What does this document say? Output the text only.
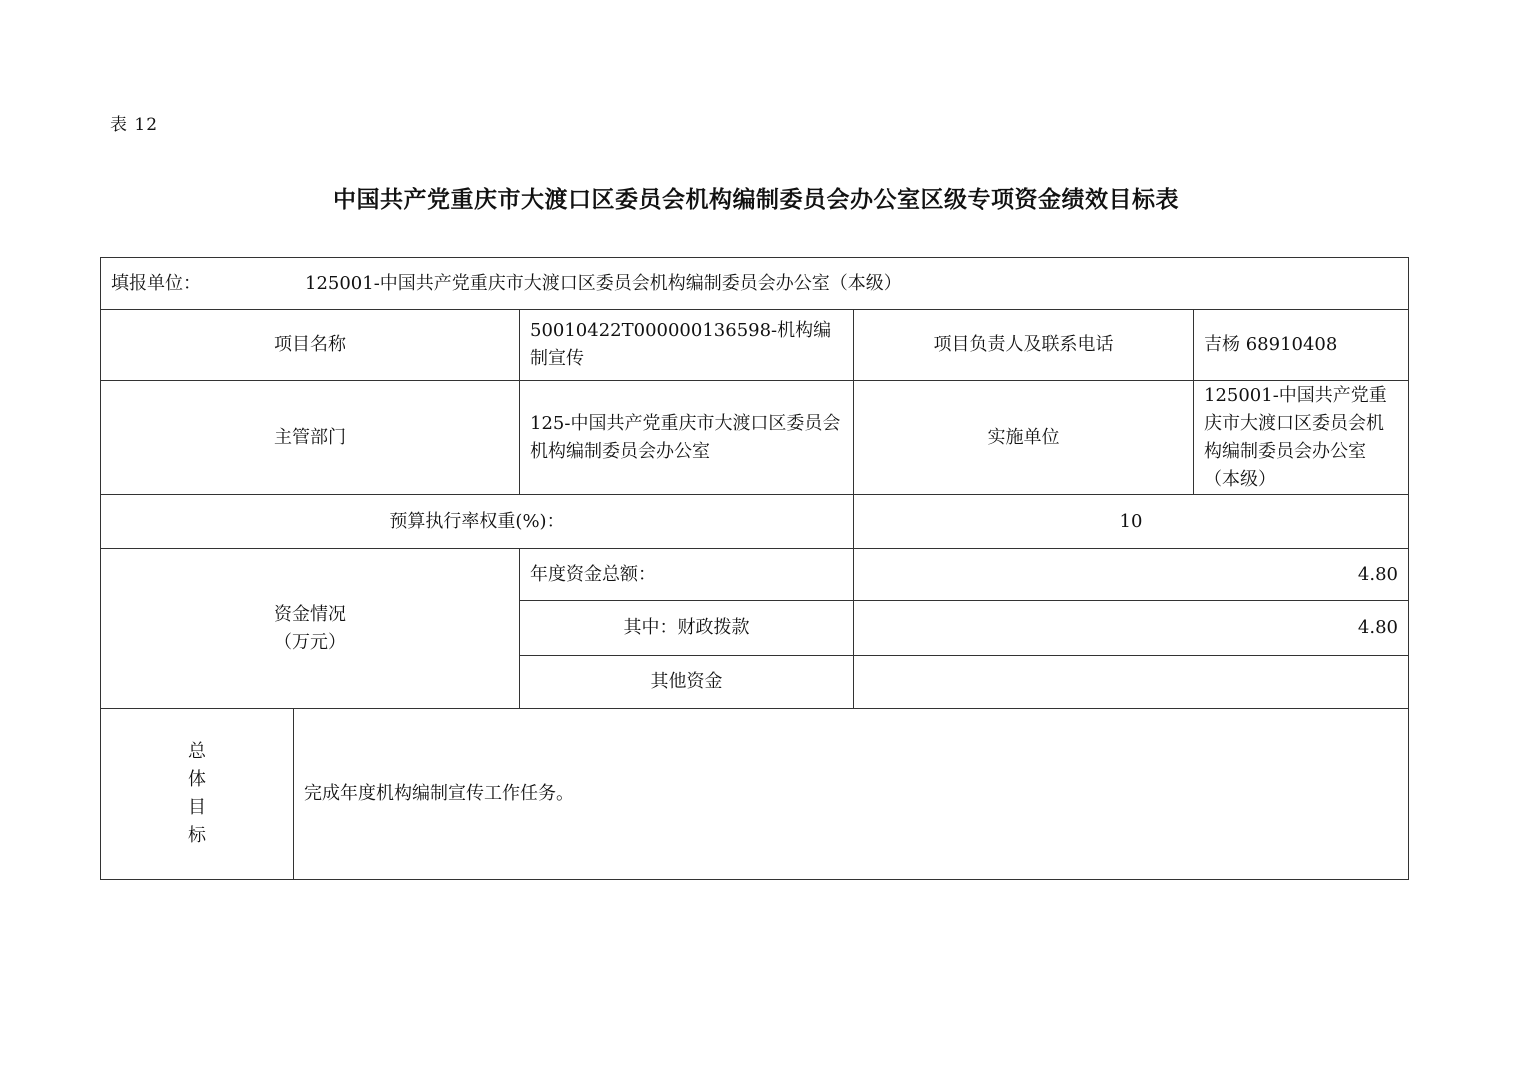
表 12
中国共产党重庆市大渡口区委员会机构编制委员会办公室区级专项资金绩效目标表
填报单位： 125001-中国共产党重庆市大渡口区委员会机构编制委员会办公室（本级）				
项目名称		50010422T000000136598-机构编制宣传	项目负责人及联系电话	吉杨 68910408
主管部门		125-中国共产党重庆市大渡口区委员会机构编制委员会办公室	实施单位	125001-中国共产党重庆市大渡口区委员会机构编制委员会办公室（本级）
预算执行率权重(%)：			10	
资金情况
（万元）		年度资金总额：	4.80	
		其中：财政拨款	4.80	
		其他资金		

总
体
目
标	完成年度机构编制宣传工作任务。			
